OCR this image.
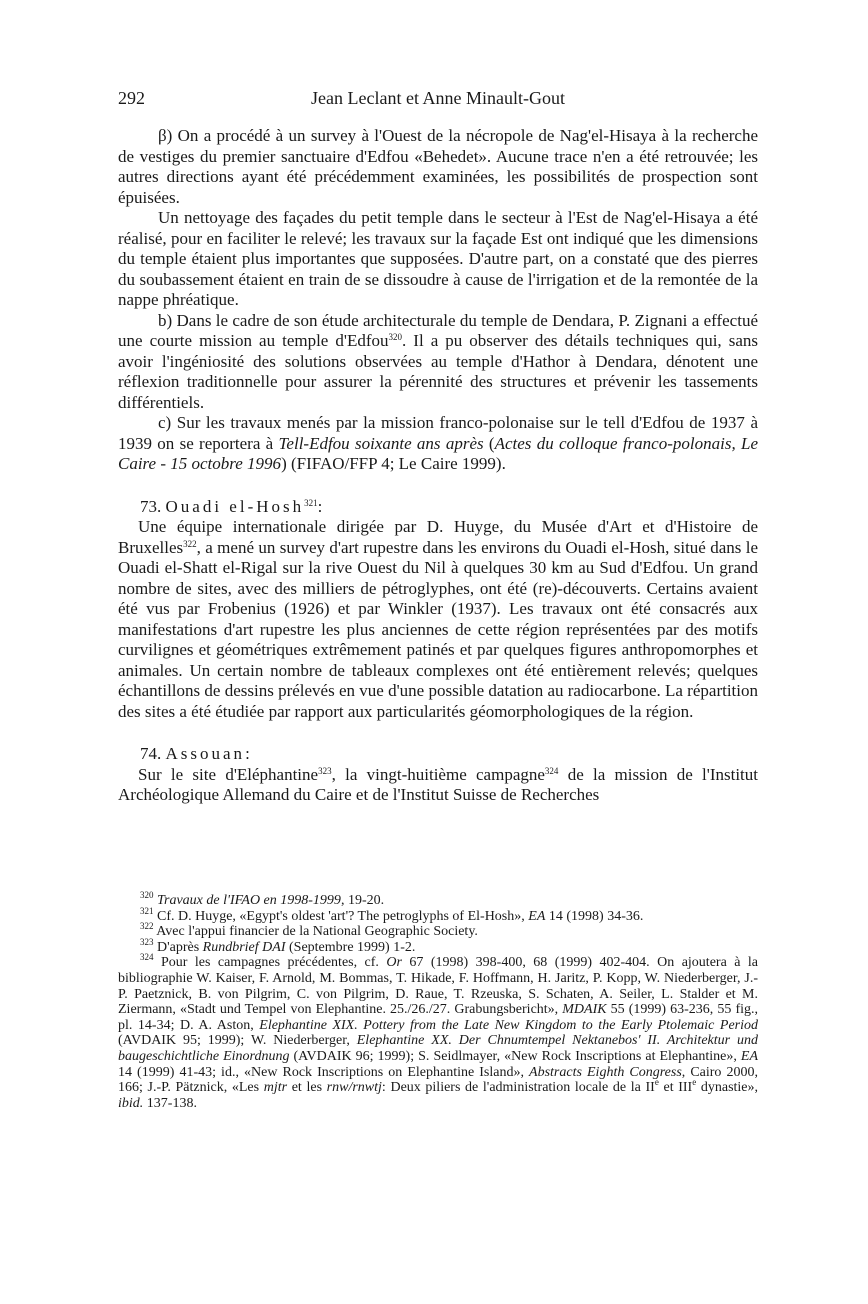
292	Jean Leclant et Anne Minault-Gout

β) On a procédé à un survey à l'Ouest de la nécropole de Nag'el-Hisaya à la recherche de vestiges du premier sanctuaire d'Edfou «Behedet». Aucune trace n'en a été retrouvée; les autres directions ayant été précédemment examinées, les possibilités de prospection sont épuisées.

Un nettoyage des façades du petit temple dans le secteur à l'Est de Nag'el-Hisaya a été réalisé, pour en faciliter le relevé; les travaux sur la façade Est ont indiqué que les dimensions du temple étaient plus importantes que supposées. D'autre part, on a constaté que des pierres du soubassement étaient en train de se dissoudre à cause de l'irrigation et de la remontée de la nappe phréatique.

b) Dans le cadre de son étude architecturale du temple de Dendara, P. Zignani a effectué une courte mission au temple d'Edfou$^{320}$. Il a pu observer des détails techniques qui, sans avoir l'ingéniosité des solutions observées au temple d'Hathor à Dendara, dénotent une réflexion traditionnelle pour assurer la pérennité des structures et prévenir les tassements différentiels.

c) Sur les travaux menés par la mission franco-polonaise sur le tell d'Edfou de 1937 à 1939 on se reportera à Tell-Edfou soixante ans après (Actes du colloque franco-polonais, Le Caire - 15 octobre 1996) (FIFAO/FFP 4; Le Caire 1999).

73. Ouadi el-Hosh$^{321}$:

Une équipe internationale dirigée par D. Huyge, du Musée d'Art et d'Histoire de Bruxelles$^{322}$, a mené un survey d'art rupestre dans les environs du Ouadi el-Hosh, situé dans le Ouadi el-Shatt el-Rigal sur la rive Ouest du Nil à quelques 30 km au Sud d'Edfou. Un grand nombre de sites, avec des milliers de pétroglyphes, ont été (re)-découverts. Certains avaient été vus par Frobenius (1926) et par Winkler (1937). Les travaux ont été consacrés aux manifestations d'art rupestre les plus anciennes de cette région représentées par des motifs curvilignes et géométriques extrêmement patinés et par quelques figures anthropomorphes et animales. Un certain nombre de tableaux complexes ont été entièrement relevés; quelques échantillons de dessins prélevés en vue d'une possible datation au radiocarbone. La répartition des sites a été étudiée par rapport aux particularités géomorphologiques de la région.

74. Assouan:

Sur le site d'Eléphantine$^{323}$, la vingt-huitième campagne$^{324}$ de la mission de l'Institut Archéologique Allemand du Caire et de l'Institut Suisse de Recherches

$^{320}$ Travaux de l'IFAO en 1998-1999, 19-20.

$^{321}$ Cf. D. Huyge, «Egypt's oldest 'art'? The petroglyphs of El-Hosh», EA 14 (1998) 34-36.

$^{322}$ Avec l'appui financier de la National Geographic Society.

$^{323}$ D'après Rundbrief DAI (Septembre 1999) 1-2.

$^{324}$ Pour les campagnes précédentes, cf. Or 67 (1998) 398-400, 68 (1999) 402-404. On ajoutera à la bibliographie W. Kaiser, F. Arnold, M. Bommas, T. Hikade, F. Hoffmann, H. Jaritz, P. Kopp, W. Niederberger, J.-P. Paetznick, B. von Pilgrim, C. von Pilgrim, D. Raue, T. Rzeuska, S. Schaten, A. Seiler, L. Stalder et M. Ziermann, «Stadt und Tempel von Elephantine. 25./26./27. Grabungsbericht», MDAIK 55 (1999) 63-236, 55 fig., pl. 14-34; D. A. Aston, Elephantine XIX. Pottery from the Late New Kingdom to the Early Ptolemaic Period (AVDAIK 95; 1999); W. Niederberger, Elephantine XX. Der Chnumtempel Nektanebos' II. Architektur und baugeschichtliche Einordnung (AVDAIK 96; 1999); S. Seidlmayer, «New Rock Inscriptions at Elephantine», EA 14 (1999) 41-43; id., «New Rock Inscriptions on Elephantine Island», Abstracts Eighth Congress, Cairo 2000, 166; J.-P. Pätznick, «Les mjtr et les rnw/rnwtj: Deux piliers de l'administration locale de la IIe et IIIe dynastie», ibid. 137-138.
